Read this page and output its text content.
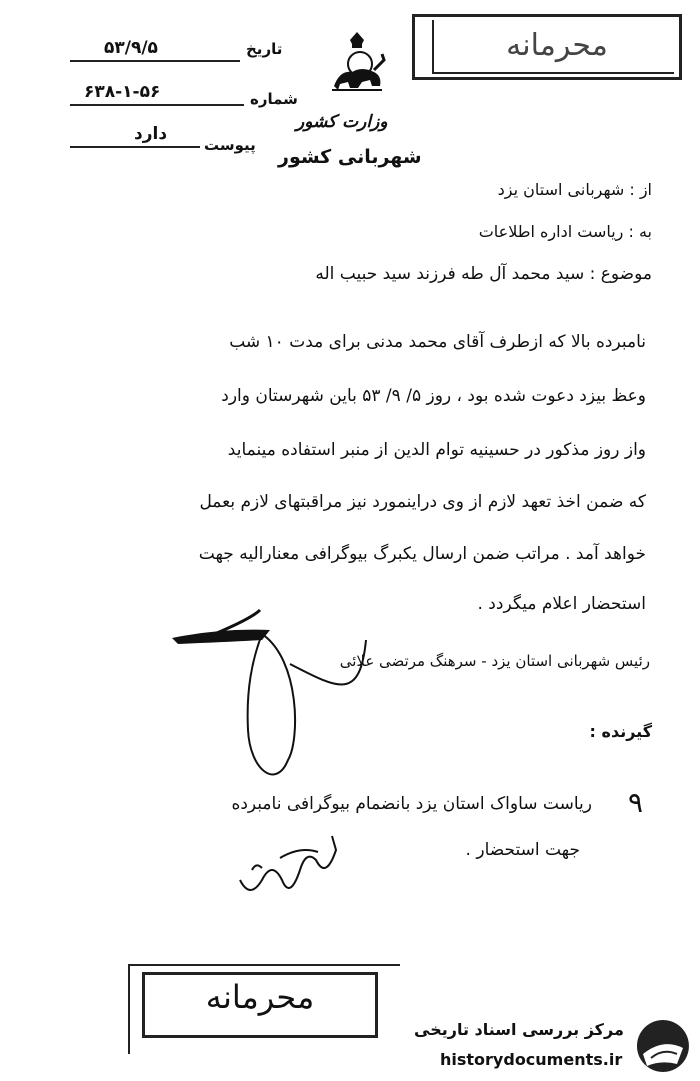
تاریخ
۵۳/۹/۵
شماره
۶۳۸-۱-۵۶
پیوست
دارد
محرمانه
وزارت کشور
شهربانی کشور
از : شهربانی استان یزد
به : ریاست اداره اطلاعات
موضوع : سید محمد آل طه فرزند سید حبیب اله
نامبرده بالا که ازطرف آقای محمد مدنی برای مدت ۱۰ شب
وعظ بیزد دعوت شده بود ، روز ۵/ ۹/ ۵۳ باین شهرستان وارد
واز روز مذکور در حسینیه توام الدین از منبر استفاده مینماید
که ضمن اخذ تعهد لازم از وی دراینمورد نیز مراقبتهای لازم بعمل
خواهد آمد . مراتب ضمن ارسال یکبرگ بیوگرافی معنارالیه جهت
استحضار اعلام میگردد .
رئیس شهربانی استان یزد - سرهنگ مرتضی علائی
گیرنده :
۹
ریاست ساواک استان یزد بانضمام بیوگرافی نامبرده
جهت استحضار .
محرمانه
مرکز بررسی اسناد تاریخی
historydocuments.ir
